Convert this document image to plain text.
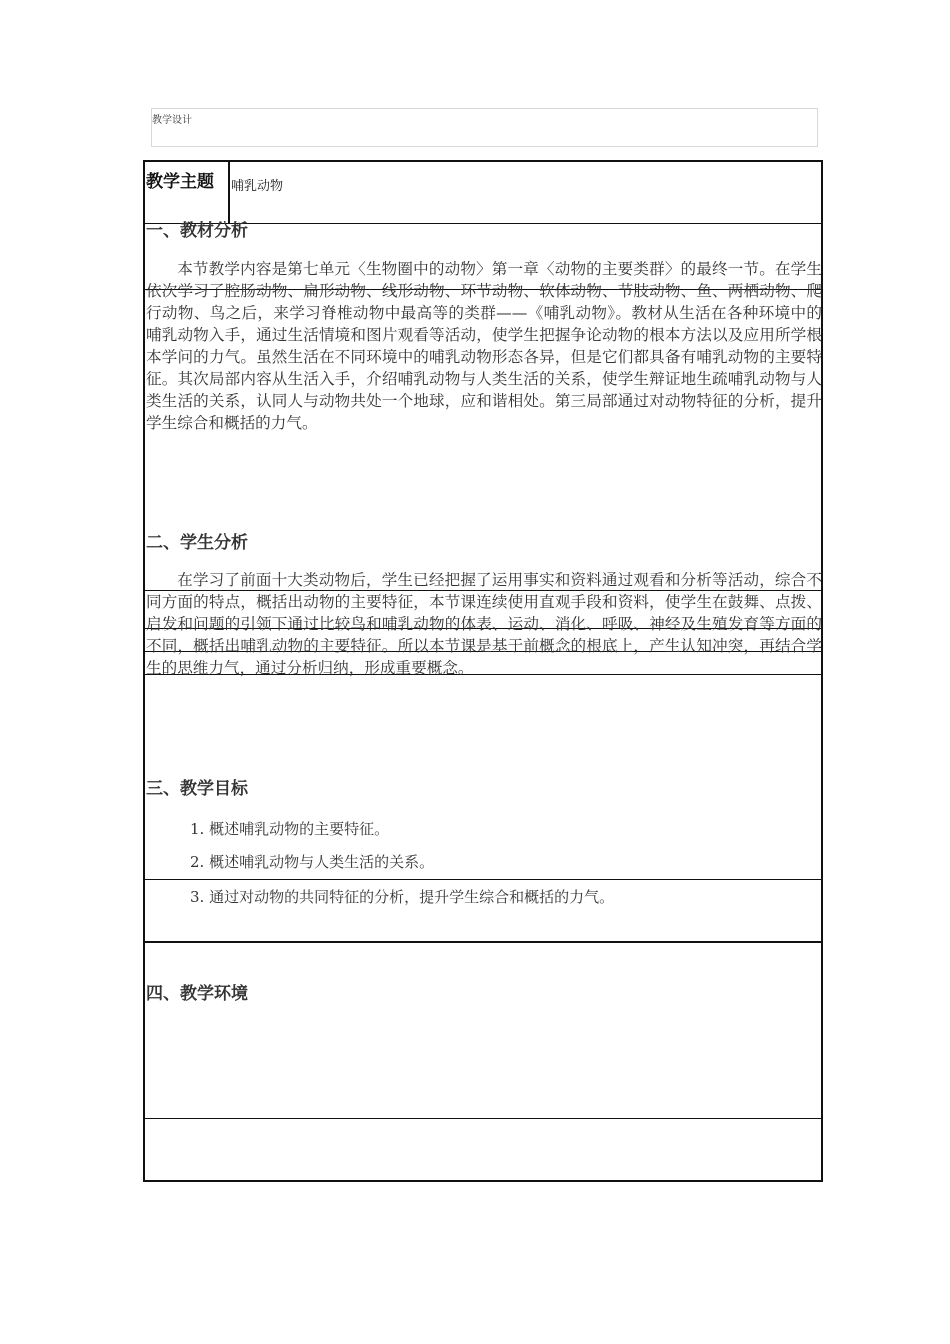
教学设计
教学主题 哺乳动物
一、教材分析

本节教学内容是第七单元〈生物圈中的动物〉第一章〈动物的主要类群〉的最终一节。在学生依次学习了腔肠动物、扁形动物、线形动物、环节动物、软体动物、节肢动物、鱼、两栖动物、爬行动物、鸟之后，来学习脊椎动物中最高等的类群——《哺乳动物》。教材从生活在各种环境中的哺乳动物入手，通过生活情境和图片观看等活动，使学生把握争论动物的根本方法以及应用所学根本学问的力气。虽然生活在不同环境中的哺乳动物形态各异，但是它们都具备有哺乳动物的主要特征。其次局部内容从生活入手，介绍哺乳动物与人类生活的关系，使学生辩证地生疏哺乳动物与人类生活的关系，认同人与动物共处一个地球，应和谐相处。第三局部通过对动物特征的分析，提升学生综合和概括的力气。

二、学生分析

在学习了前面十大类动物后，学生已经把握了运用事实和资料通过观看和分析等活动，综合不同方面的特点，概括出动物的主要特征，本节课连续使用直观手段和资料，使学生在鼓舞、点拨、启发和问题的引领下通过比较鸟和哺乳动物的体表、运动、消化、呼吸、神经及生殖发育等方面的不同，概括出哺乳动物的主要特征。所以本节课是基于前概念的根底上，产生认知冲突，再结合学生的思维力气，通过分析归纳，形成重要概念。

三、教学目标
1. 概述哺乳动物的主要特征。
2. 概述哺乳动物与人类生活的关系。
3. 通过对动物的共同特征的分析，提升学生综合和概括的力气。
四、教学环境
